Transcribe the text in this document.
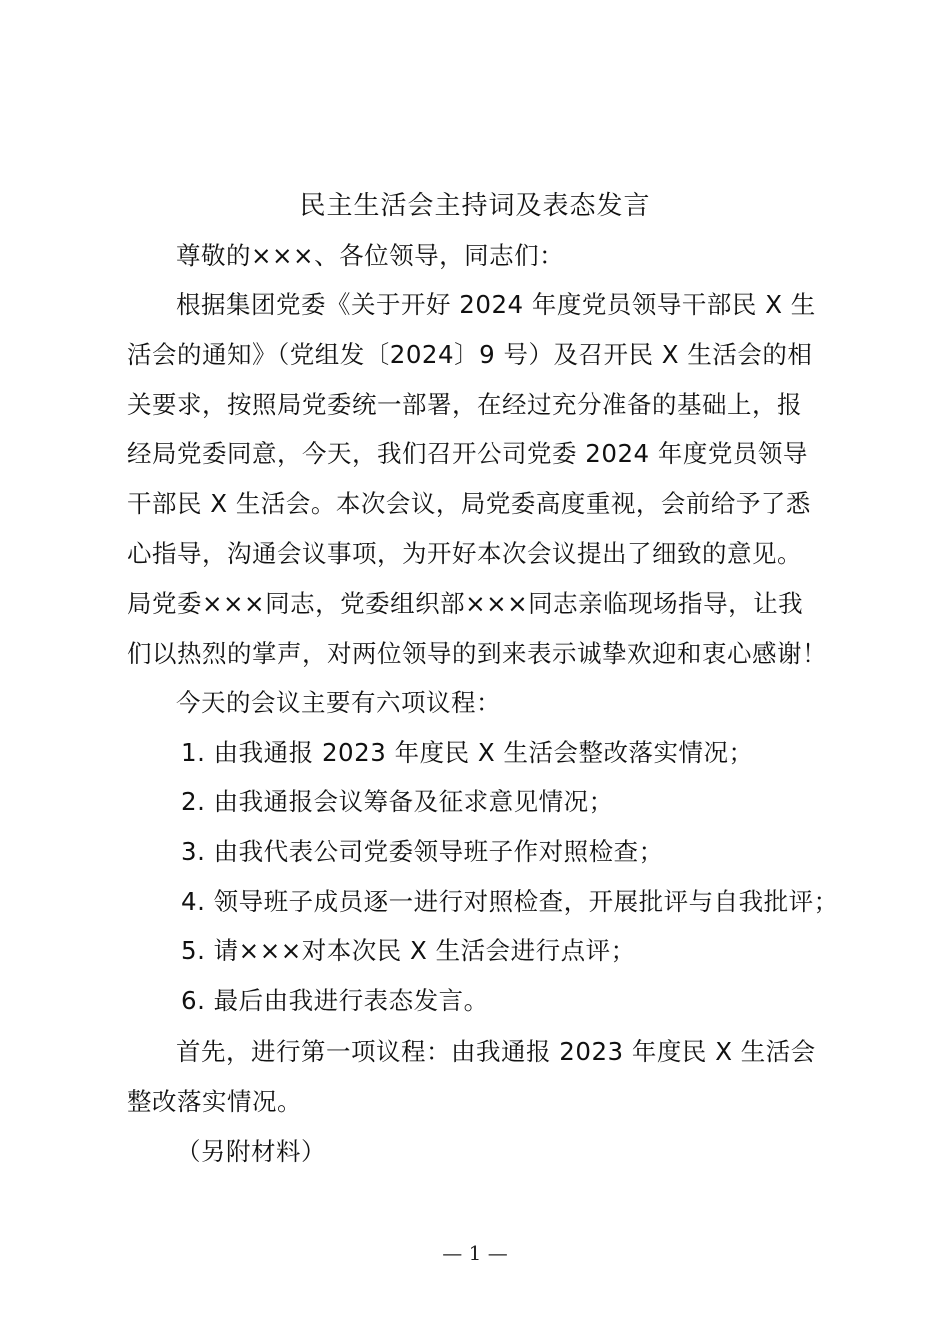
民主生活会主持词及表态发言
尊敬的×××、各位领导，同志们：
根据集团党委《关于开好 2024 年度党员领导干部民 X 生
活会的通知》（党组发〔2024〕9 号）及召开民 X 生活会的相
关要求，按照局党委统一部署，在经过充分准备的基础上，报
经局党委同意，今天，我们召开公司党委 2024 年度党员领导
干部民 X 生活会。本次会议，局党委高度重视，会前给予了悉
心指导，沟通会议事项，为开好本次会议提出了细致的意见。
局党委×××同志，党委组织部×××同志亲临现场指导，让我
们以热烈的掌声，对两位领导的到来表示诚挚欢迎和衷心感谢！
今天的会议主要有六项议程：
1. 由我通报 2023 年度民 X 生活会整改落实情况；
2. 由我通报会议筹备及征求意见情况；
3. 由我代表公司党委领导班子作对照检查；
4. 领导班子成员逐一进行对照检查，开展批评与自我批评；
5. 请×××对本次民 X 生活会进行点评；
6. 最后由我进行表态发言。
首先，进行第一项议程：由我通报 2023 年度民 X 生活会
整改落实情况。
（另附材料）
— 1 —
